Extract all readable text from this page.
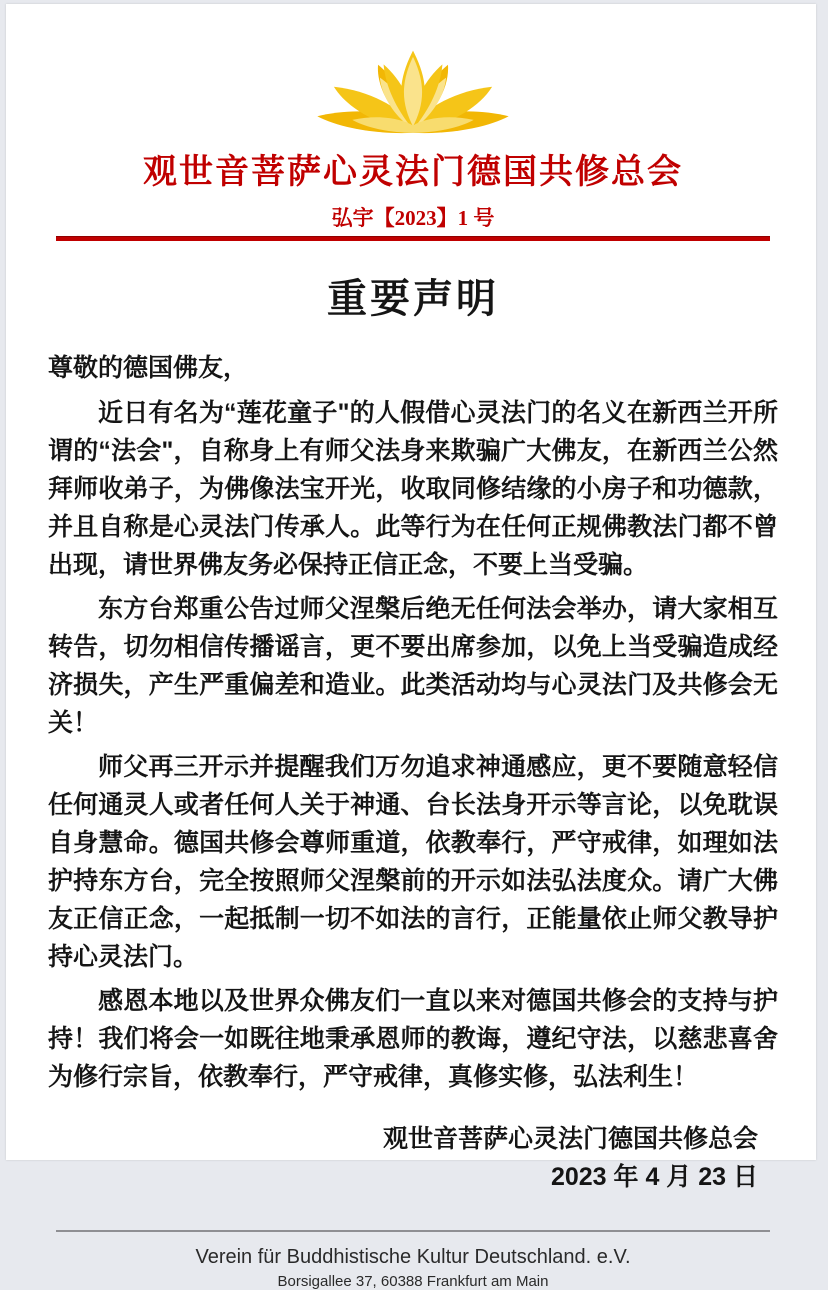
观世音菩萨心灵法门德国共修总会
弘宇【2023】1 号
重要声明
尊敬的德国佛友，

近日有名为“莲花童子"的人假借心灵法门的名义在新西兰开所谓的“法会"，自称身上有师父法身来欺骗广大佛友，在新西兰公然拜师收弟子，为佛像法宝开光，收取同修结缘的小房子和功德款，并且自称是心灵法门传承人。此等行为在任何正规佛教法门都不曾出现，请世界佛友务必保持正信正念，不要上当受骗。

东方台郑重公告过师父涅槃后绝无任何法会举办，请大家相互转告，切勿相信传播谣言，更不要出席参加，以免上当受骗造成经济损失，产生严重偏差和造业。此类活动均与心灵法门及共修会无关！

师父再三开示并提醒我们万勿追求神通感应，更不要随意轻信任何通灵人或者任何人关于神通、台长法身开示等言论，以免耽误自身慧命。德国共修会尊师重道，依教奉行，严守戒律，如理如法护持东方台，完全按照师父涅槃前的开示如法弘法度众。请广大佛友正信正念，一起抵制一切不如法的言行，正能量依止师父教导护持心灵法门。

感恩本地以及世界众佛友们一直以来对德国共修会的支持与护持！我们将会一如既往地秉承恩师的教诲，遵纪守法，以慈悲喜舍为修行宗旨，依教奉行，严守戒律，真修实修，弘法利生！

观世音菩萨心灵法门德国共修总会
2023 年 4 月 23 日
Verein für Buddhistische Kultur Deutschland. e.V.
Borsigallee 37, 60388 Frankfurt am Main
